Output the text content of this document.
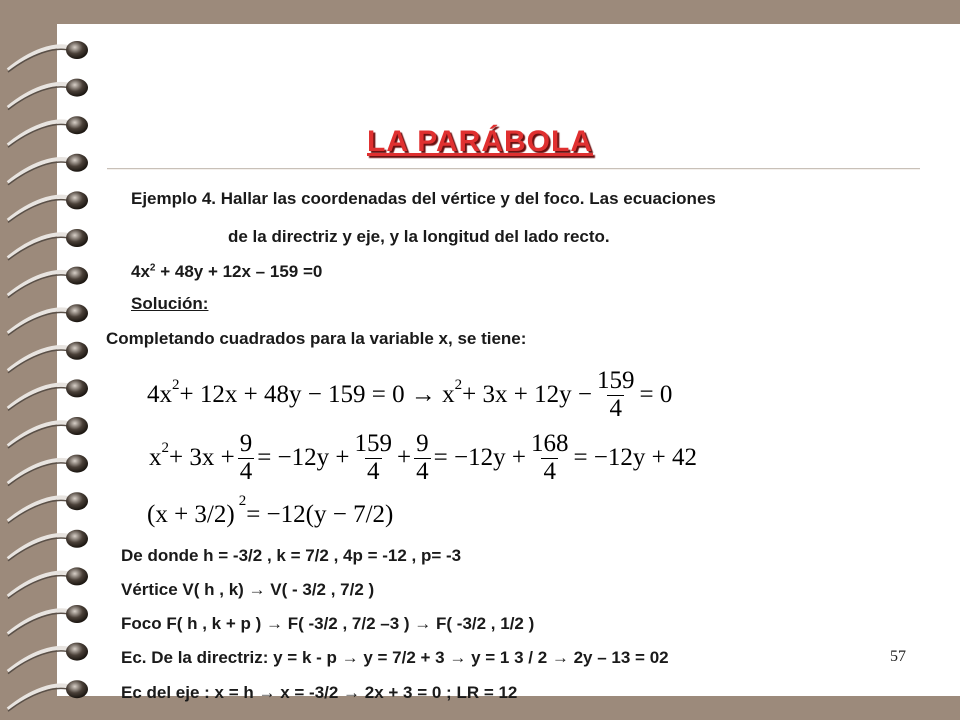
LA PARÁBOLA
Ejemplo 4. Hallar las coordenadas del vértice y del foco. Las ecuaciones
de la directriz y eje, y la longitud del lado recto.
$4x^2 + 48y + 12x - 159 =0$
Solución:
Completando cuadrados para la variable x, se tiene:
$4x^2 + 12x + 48y - 159 = 0 \to x^2 + 3x + 12y - \frac{159}{4} = 0$
$x^2 + 3x + \frac{9}{4} = -12y + \frac{159}{4} + \frac{9}{4} = -12y + \frac{168}{4} = -12y + 42$
(x + 3/2) $^2$ = −12(y − 7/2)
De donde h = -3/2 , k = 7/2 , 4p = -12 , p= -3
Vértice V( h , k) → V( - 3/2 , 7/2 )
Foco F( h , k + p ) → F( -3/2 , 7/2 –3 ) → F( -3/2 , 1/2 )
Ec. De la directriz: y = k - p → y = 7/2 + 3 → y = 1 3 / 2 → 2y – 13 = 02
Ec del eje : x = h → x = -3/2 → 2x + 3 = 0 ; LR = 12
57
